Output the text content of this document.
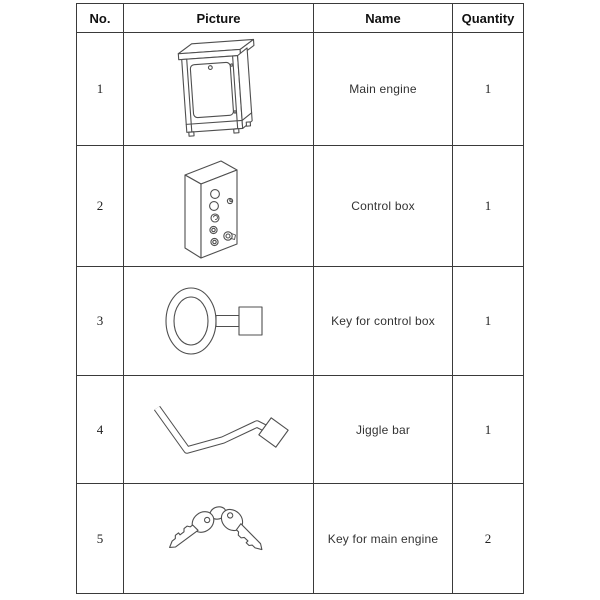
No.	Picture	Name	Quantity
1		Main engine	1
2		Control box	1
3		Key for control box	1
4		Jiggle bar	1
5		Key for main engine	2
